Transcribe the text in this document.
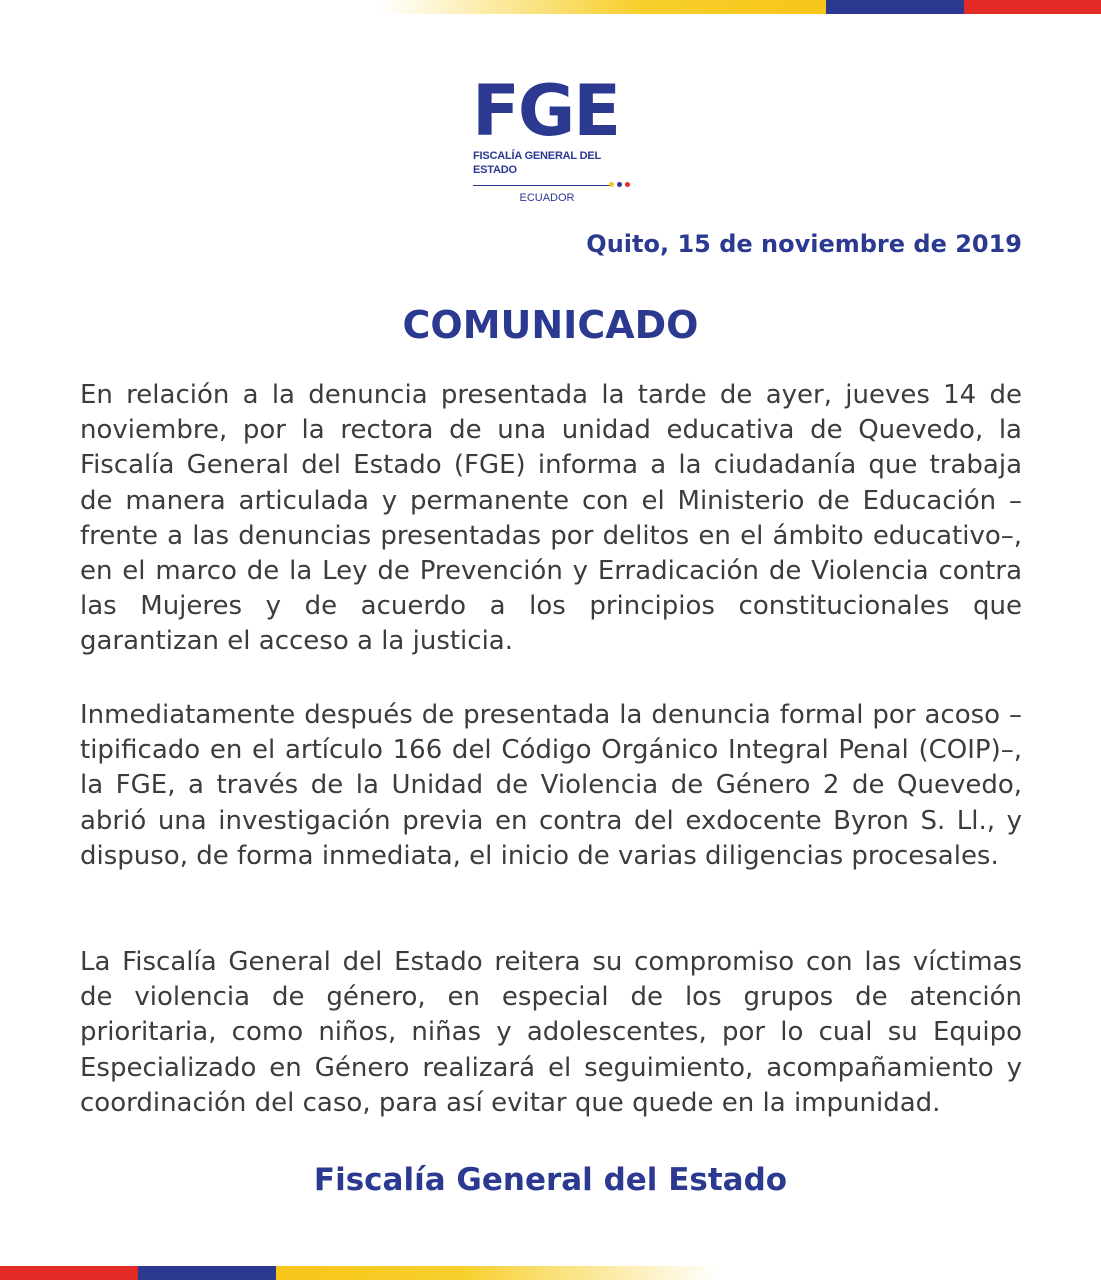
FGE
FISCALÍA GENERAL DEL ESTADO
ECUADOR
Quito, 15 de noviembre de 2019
COMUNICADO

En relación a la denuncia presentada la tarde de ayer, jueves 14 de noviembre, por la rectora de una unidad educativa de Quevedo, la Fiscalía General del Estado (FGE) informa a la ciudadanía que trabaja de manera articulada y permanente con el Ministerio de Educación –frente a las denuncias presentadas por delitos en el ámbito educativo–, en el marco de la Ley de Prevención y Erradicación de Violencia contra las Mujeres y de acuerdo a los principios constitucionales que garantizan el acceso a la justicia.

Inmediatamente después de presentada la denuncia formal por acoso –tipificado en el artículo 166 del Código Orgánico Integral Penal (COIP)–, la FGE, a través de la Unidad de Violencia de Género 2 de Quevedo, abrió una investigación previa en contra del exdocente Byron S. Ll., y dispuso, de forma inmediata, el inicio de varias diligencias procesales.

La Fiscalía General del Estado reitera su compromiso con las víctimas de violencia de género, en especial de los grupos de atención prioritaria, como niños, niñas y adolescentes, por lo cual su Equipo Especializado en Género realizará el seguimiento, acompañamiento y coordinación del caso, para así evitar que quede en la impunidad.

Fiscalía General del Estado
